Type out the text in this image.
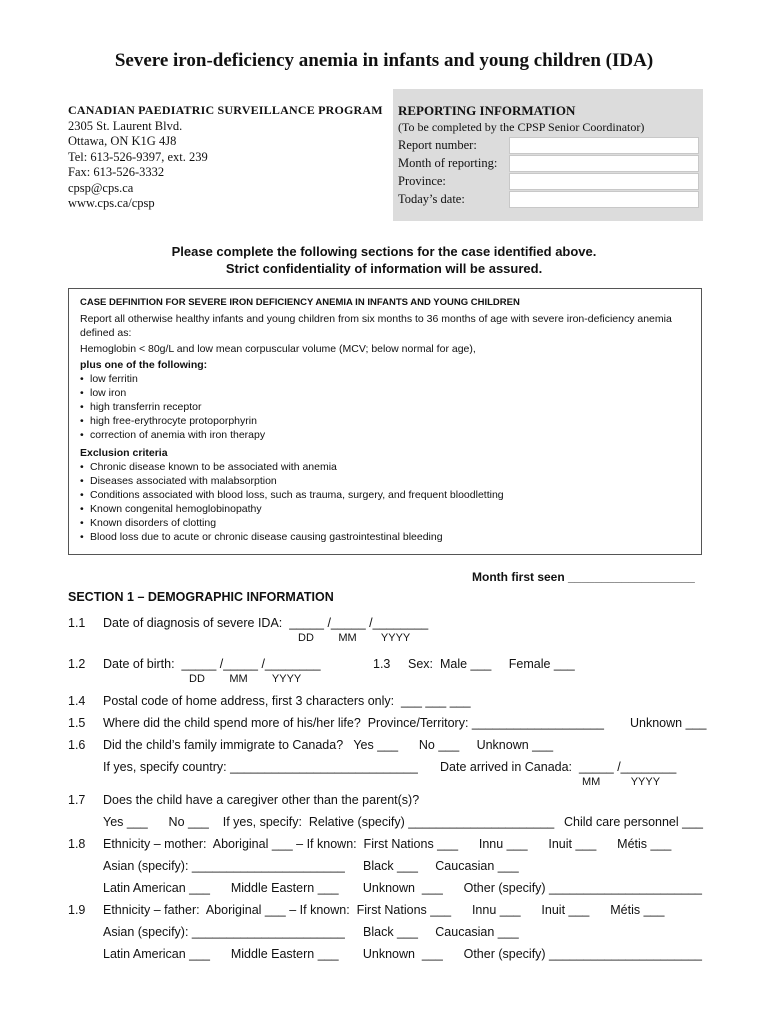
Severe iron-deficiency anemia in infants and young children (IDA)
CANADIAN PAEDIATRIC SURVEILLANCE PROGRAM
2305 St. Laurent Blvd.
Ottawa, ON K1G 4J8
Tel: 613-526-9397, ext. 239
Fax: 613-526-3332
cpsp@cps.ca
www.cps.ca/cpsp
REPORTING INFORMATION
(To be completed by the CPSP Senior Coordinator)
Report number:
Month of reporting:
Province:
Today’s date:
Please complete the following sections for the case identified above.
Strict confidentiality of information will be assured.
CASE DEFINITION FOR SEVERE IRON DEFICIENCY ANEMIA IN INFANTS AND YOUNG CHILDREN
Report all otherwise healthy infants and young children from six months to 36 months of age with severe iron-deficiency anemia defined as:
Hemoglobin < 80g/L and low mean corpuscular volume (MCV; below normal for age),
plus one of the following:
• low ferritin
• low iron
• high transferrin receptor
• high free-erythrocyte protoporphyrin
• correction of anemia with iron therapy
Exclusion criteria
• Chronic disease known to be associated with anemia
• Diseases associated with malabsorption
• Conditions associated with blood loss, such as trauma, surgery, and frequent bloodletting
• Known congenital hemoglobinopathy
• Known disorders of clotting
• Blood loss due to acute or chronic disease causing gastrointestinal bleeding
Month first seen ___________________
SECTION 1 – DEMOGRAPHIC INFORMATION
1.1 Date of diagnosis of severe IDA:  _____ /_____ /________
DD        MM        YYYY
1.2 Date of birth:  _____ /_____ /________
DD        MM        YYYY
1.3 Sex:  Male ___     Female ___
1.4 Postal code of home address, first 3 characters only:  ___ ___ ___
1.5 Where did the child spend more of his/her life?  Province/Territory: ___________________ Unknown ___
1.6 Did the child’s family immigrate to Canada?   Yes ___      No ___     Unknown ___
If yes, specify country: ___________________________ Date arrived in Canada:  _____ /________
MM          YYYY
1.7 Does the child have a caregiver other than the parent(s)?
Yes ___      No ___    If yes, specify:  Relative (specify) _____________________ Child care personnel ___
1.8 Ethnicity – mother:  Aboriginal ___ – If known:  First Nations ___      Innu ___      Inuit ___      Métis ___
Asian (specify): ______________________ Black ___     Caucasian ___
Latin American ___      Middle Eastern ___       Unknown  ___      Other (specify) ______________________
1.9 Ethnicity – father:  Aboriginal ___ – If known:  First Nations ___      Innu ___      Inuit ___      Métis ___
Asian (specify): ______________________ Black ___     Caucasian ___
Latin American ___      Middle Eastern ___       Unknown  ___      Other (specify) ______________________
